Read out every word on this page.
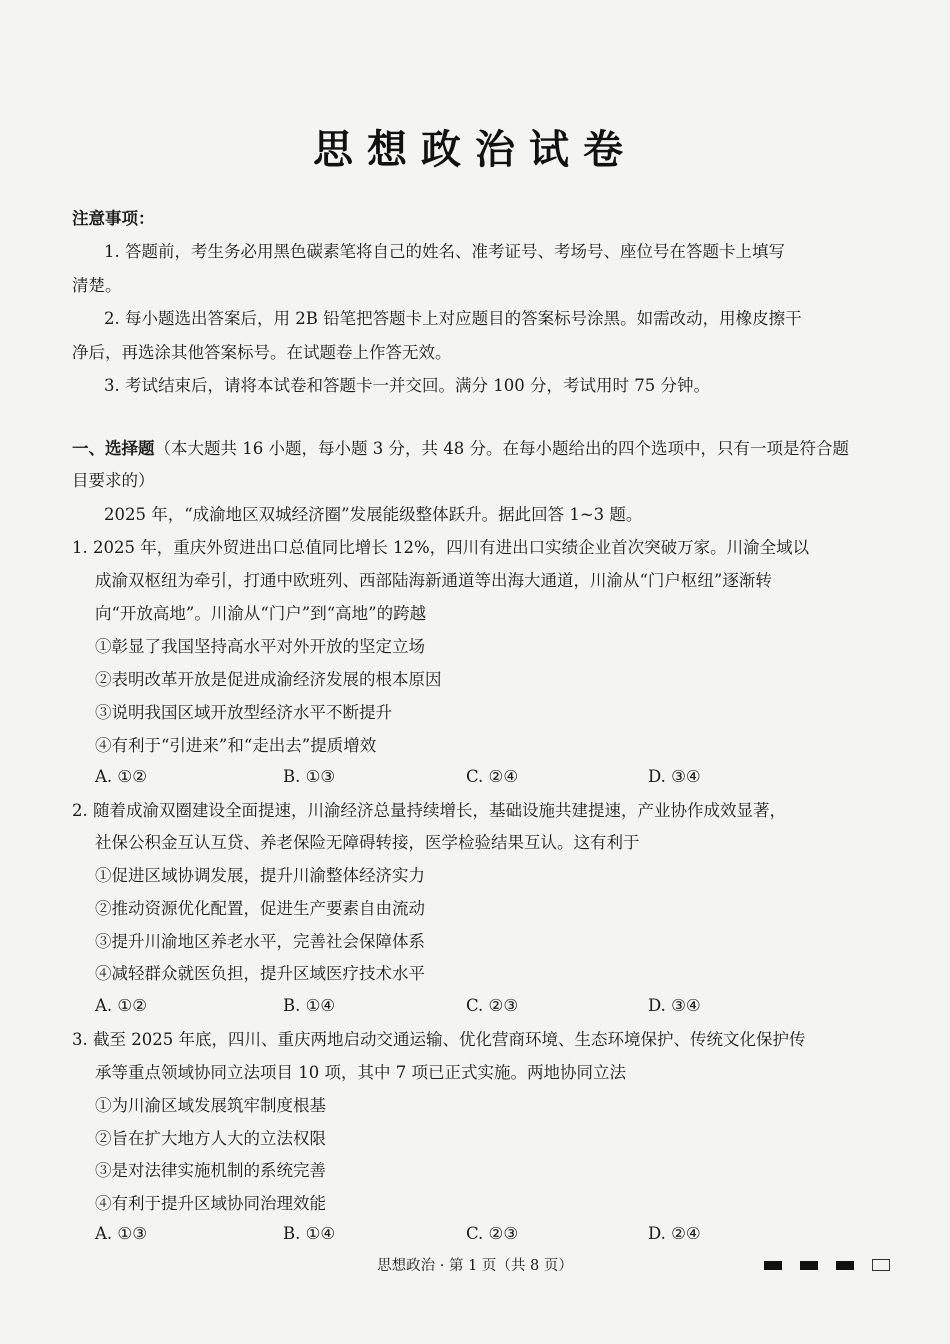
思想政治试卷
注意事项：
1. 答题前，考生务必用黑色碳素笔将自己的姓名、准考证号、考场号、座位号在答题卡上填写
清楚。
2. 每小题选出答案后，用 2B 铅笔把答题卡上对应题目的答案标号涂黑。如需改动，用橡皮擦干
净后，再选涂其他答案标号。在试题卷上作答无效。
3. 考试结束后，请将本试卷和答题卡一并交回。满分 100 分，考试用时 75 分钟。
一、选择题（本大题共 16 小题，每小题 3 分，共 48 分。在每小题给出的四个选项中，只有一项是符合题
目要求的）
2025 年，“成渝地区双城经济圈”发展能级整体跃升。据此回答 1~3 题。
1. 2025 年，重庆外贸进出口总值同比增长 12%，四川有进出口实绩企业首次突破万家。川渝全域以
成渝双枢纽为牵引，打通中欧班列、西部陆海新通道等出海大通道，川渝从“门户枢纽”逐渐转
向“开放高地”。川渝从“门户”到“高地”的跨越
①彰显了我国坚持高水平对外开放的坚定立场
②表明改革开放是促进成渝经济发展的根本原因
③说明我国区域开放型经济水平不断提升
④有利于“引进来”和“走出去”提质增效
A. ①②	B. ①③	C. ②④	D. ③④
2. 随着成渝双圈建设全面提速，川渝经济总量持续增长，基础设施共建提速，产业协作成效显著，
社保公积金互认互贷、养老保险无障碍转接，医学检验结果互认。这有利于
①促进区域协调发展，提升川渝整体经济实力
②推动资源优化配置，促进生产要素自由流动
③提升川渝地区养老水平，完善社会保障体系
④减轻群众就医负担，提升区域医疗技术水平
A. ①②	B. ①④	C. ②③	D. ③④
3. 截至 2025 年底，四川、重庆两地启动交通运输、优化营商环境、生态环境保护、传统文化保护传
承等重点领域协同立法项目 10 项，其中 7 项已正式实施。两地协同立法
①为川渝区域发展筑牢制度根基
②旨在扩大地方人大的立法权限
③是对法律实施机制的系统完善
④有利于提升区域协同治理效能
A. ①③	B. ①④	C. ②③	D. ②④
思想政治 · 第 1 页（共 8 页）
